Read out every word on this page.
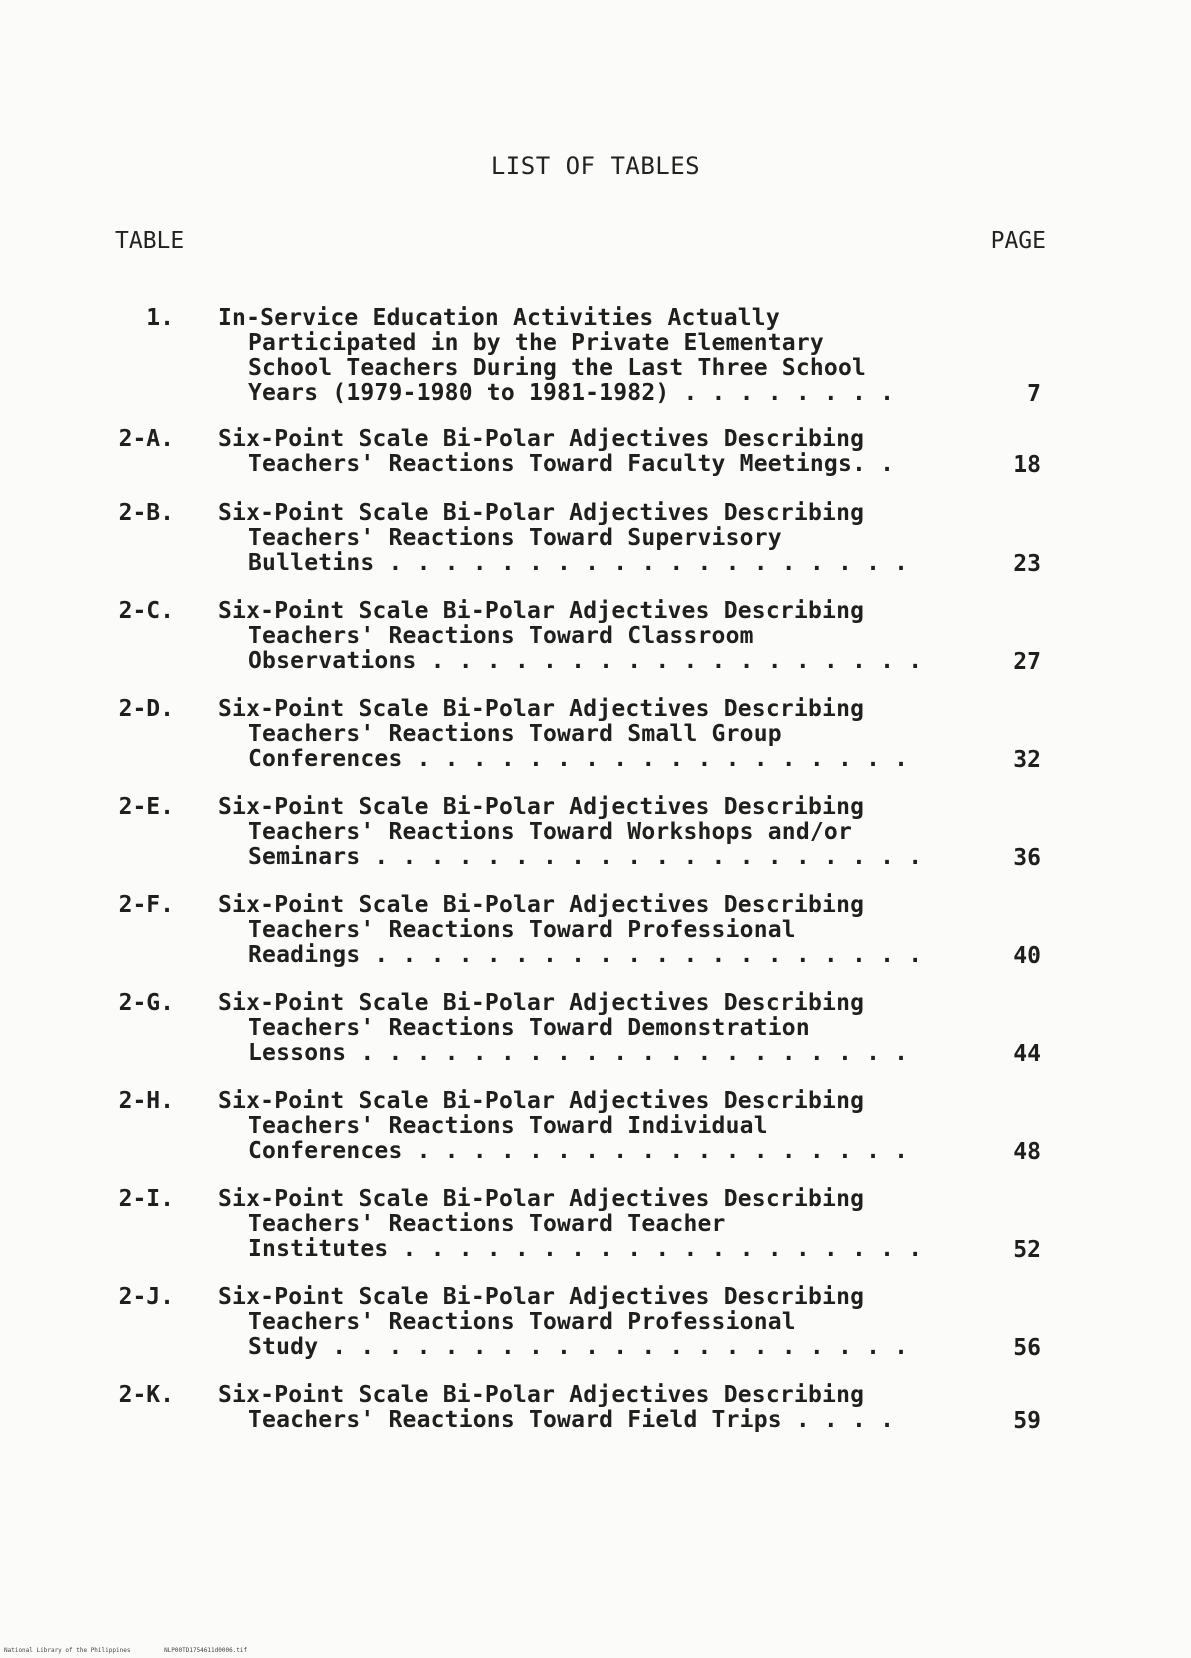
LIST OF TABLES
TABLE	PAGE
1. In-Service Education Activities Actually
Participated in by the Private Elementary
School Teachers During the Last Three School
Years (1979-1980 to 1981-1982) . . . . . . . .	7
2-A. Six-Point Scale Bi-Polar Adjectives Describing
Teachers' Reactions Toward Faculty Meetings. .	18
2-B. Six-Point Scale Bi-Polar Adjectives Describing
Teachers' Reactions Toward Supervisory
Bulletins . . . . . . . . . . . . . . . . . . .	23
2-C. Six-Point Scale Bi-Polar Adjectives Describing
Teachers' Reactions Toward Classroom
Observations . . . . . . . . . . . . . . . . . .	27
2-D. Six-Point Scale Bi-Polar Adjectives Describing
Teachers' Reactions Toward Small Group
Conferences . . . . . . . . . . . . . . . . . .	32
2-E. Six-Point Scale Bi-Polar Adjectives Describing
Teachers' Reactions Toward Workshops and/or
Seminars . . . . . . . . . . . . . . . . . . . .	36
2-F. Six-Point Scale Bi-Polar Adjectives Describing
Teachers' Reactions Toward Professional
Readings . . . . . . . . . . . . . . . . . . . .	40
2-G. Six-Point Scale Bi-Polar Adjectives Describing
Teachers' Reactions Toward Demonstration
Lessons . . . . . . . . . . . . . . . . . . . .	44
2-H. Six-Point Scale Bi-Polar Adjectives Describing
Teachers' Reactions Toward Individual
Conferences . . . . . . . . . . . . . . . . . .	48
2-I. Six-Point Scale Bi-Polar Adjectives Describing
Teachers' Reactions Toward Teacher
Institutes . . . . . . . . . . . . . . . . . . .	52
2-J. Six-Point Scale Bi-Polar Adjectives Describing
Teachers' Reactions Toward Professional
Study . . . . . . . . . . . . . . . . . . . . .	56
2-K. Six-Point Scale Bi-Polar Adjectives Describing
Teachers' Reactions Toward Field Trips . . . .	59
National Library of the Philippines	NLP00TD1754611d0006.tif
